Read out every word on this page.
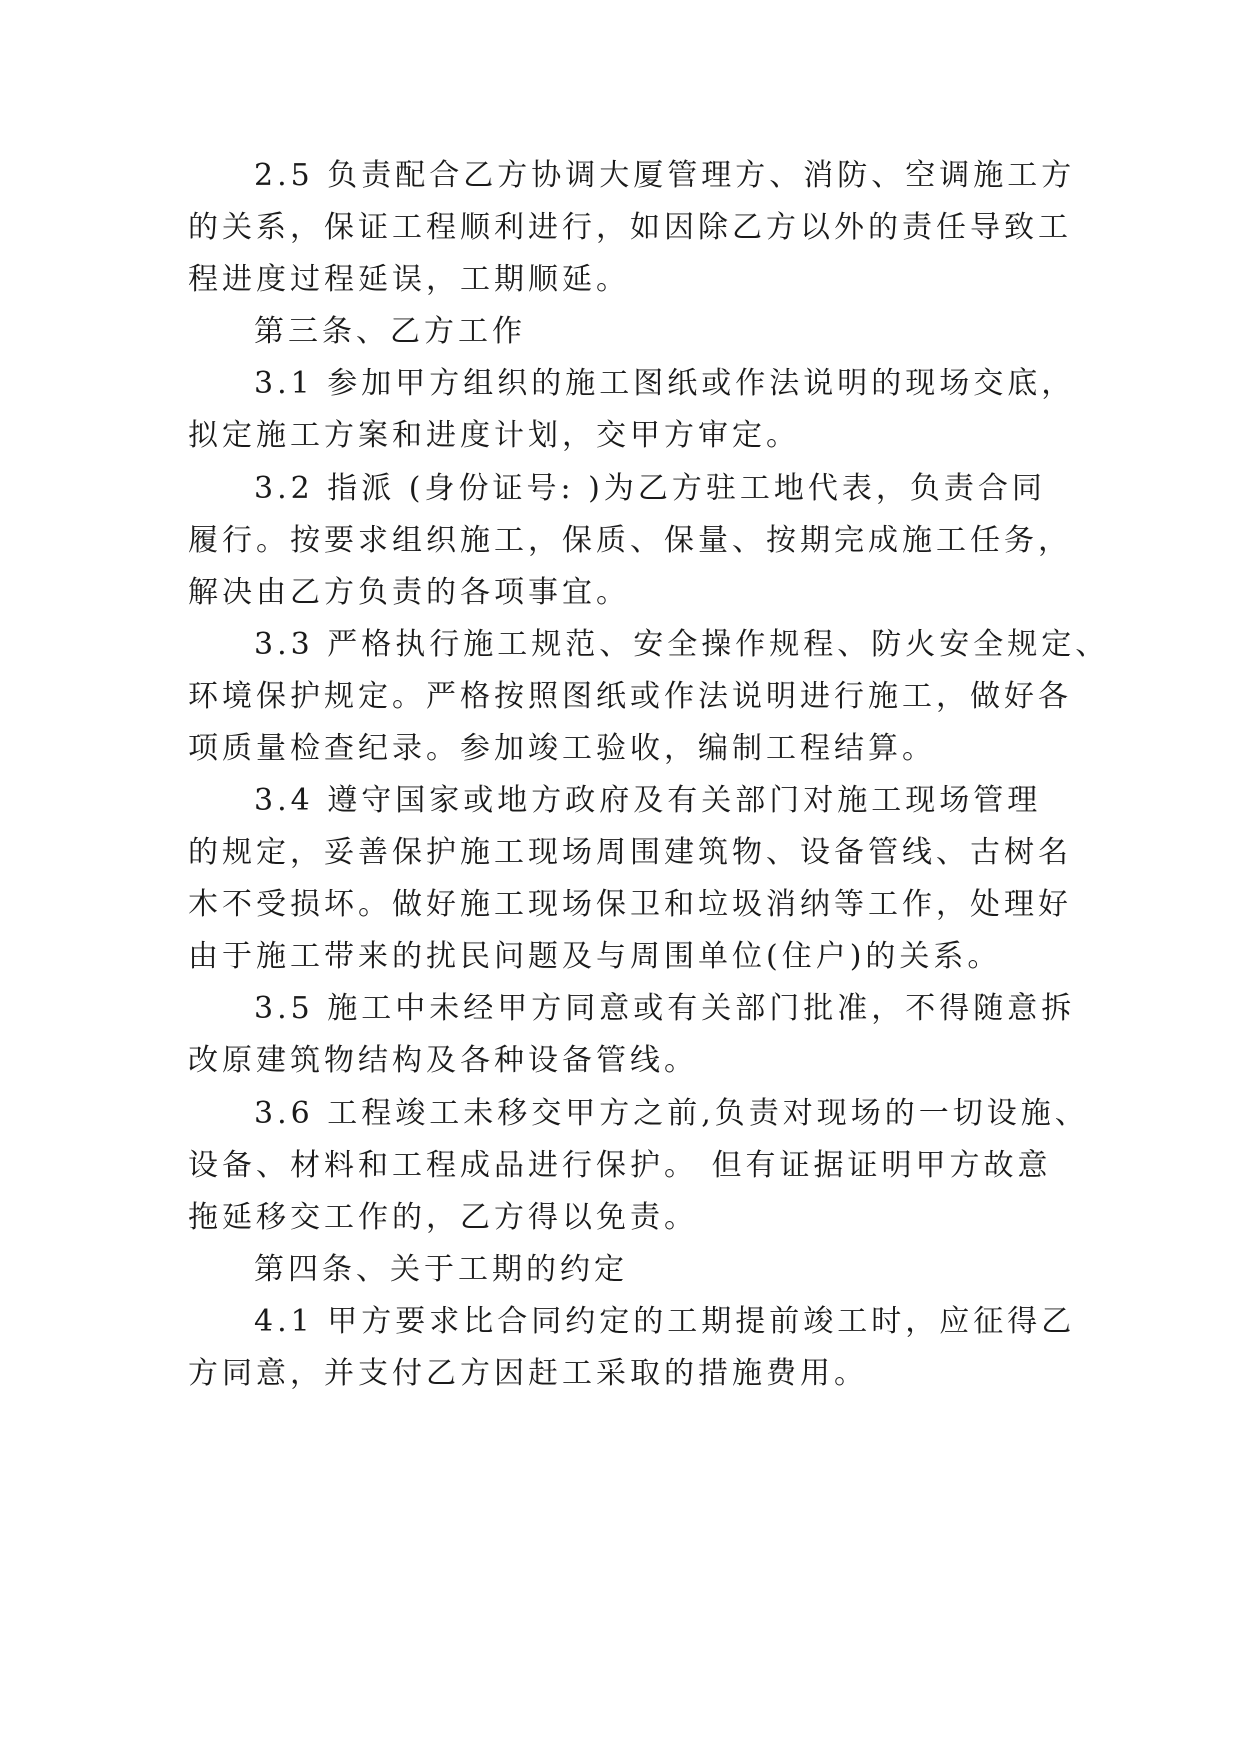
2.5 负责配合乙方协调大厦管理方、消防、空调施工方
的关系，保证工程顺利进行，如因除乙方以外的责任导致工
程进度过程延误，工期顺延。
第三条、乙方工作
3.1 参加甲方组织的施工图纸或作法说明的现场交底，
拟定施工方案和进度计划，交甲方审定。
3.2 指派 (身份证号: )为乙方驻工地代表，负责合同
履行。按要求组织施工，保质、保量、按期完成施工任务，
解决由乙方负责的各项事宜。
3.3 严格执行施工规范、安全操作规程、防火安全规定、
环境保护规定。严格按照图纸或作法说明进行施工，做好各
项质量检查纪录。参加竣工验收，编制工程结算。
3.4 遵守国家或地方政府及有关部门对施工现场管理
的规定，妥善保护施工现场周围建筑物、设备管线、古树名
木不受损坏。做好施工现场保卫和垃圾消纳等工作，处理好
由于施工带来的扰民问题及与周围单位(住户)的关系。
3.5 施工中未经甲方同意或有关部门批准，不得随意拆
改原建筑物结构及各种设备管线。
3.6 工程竣工未移交甲方之前,负责对现场的一切设施、
设备、材料和工程成品进行保护。 但有证据证明甲方故意
拖延移交工作的，乙方得以免责。
第四条、关于工期的约定
4.1 甲方要求比合同约定的工期提前竣工时，应征得乙
方同意，并支付乙方因赶工采取的措施费用。
